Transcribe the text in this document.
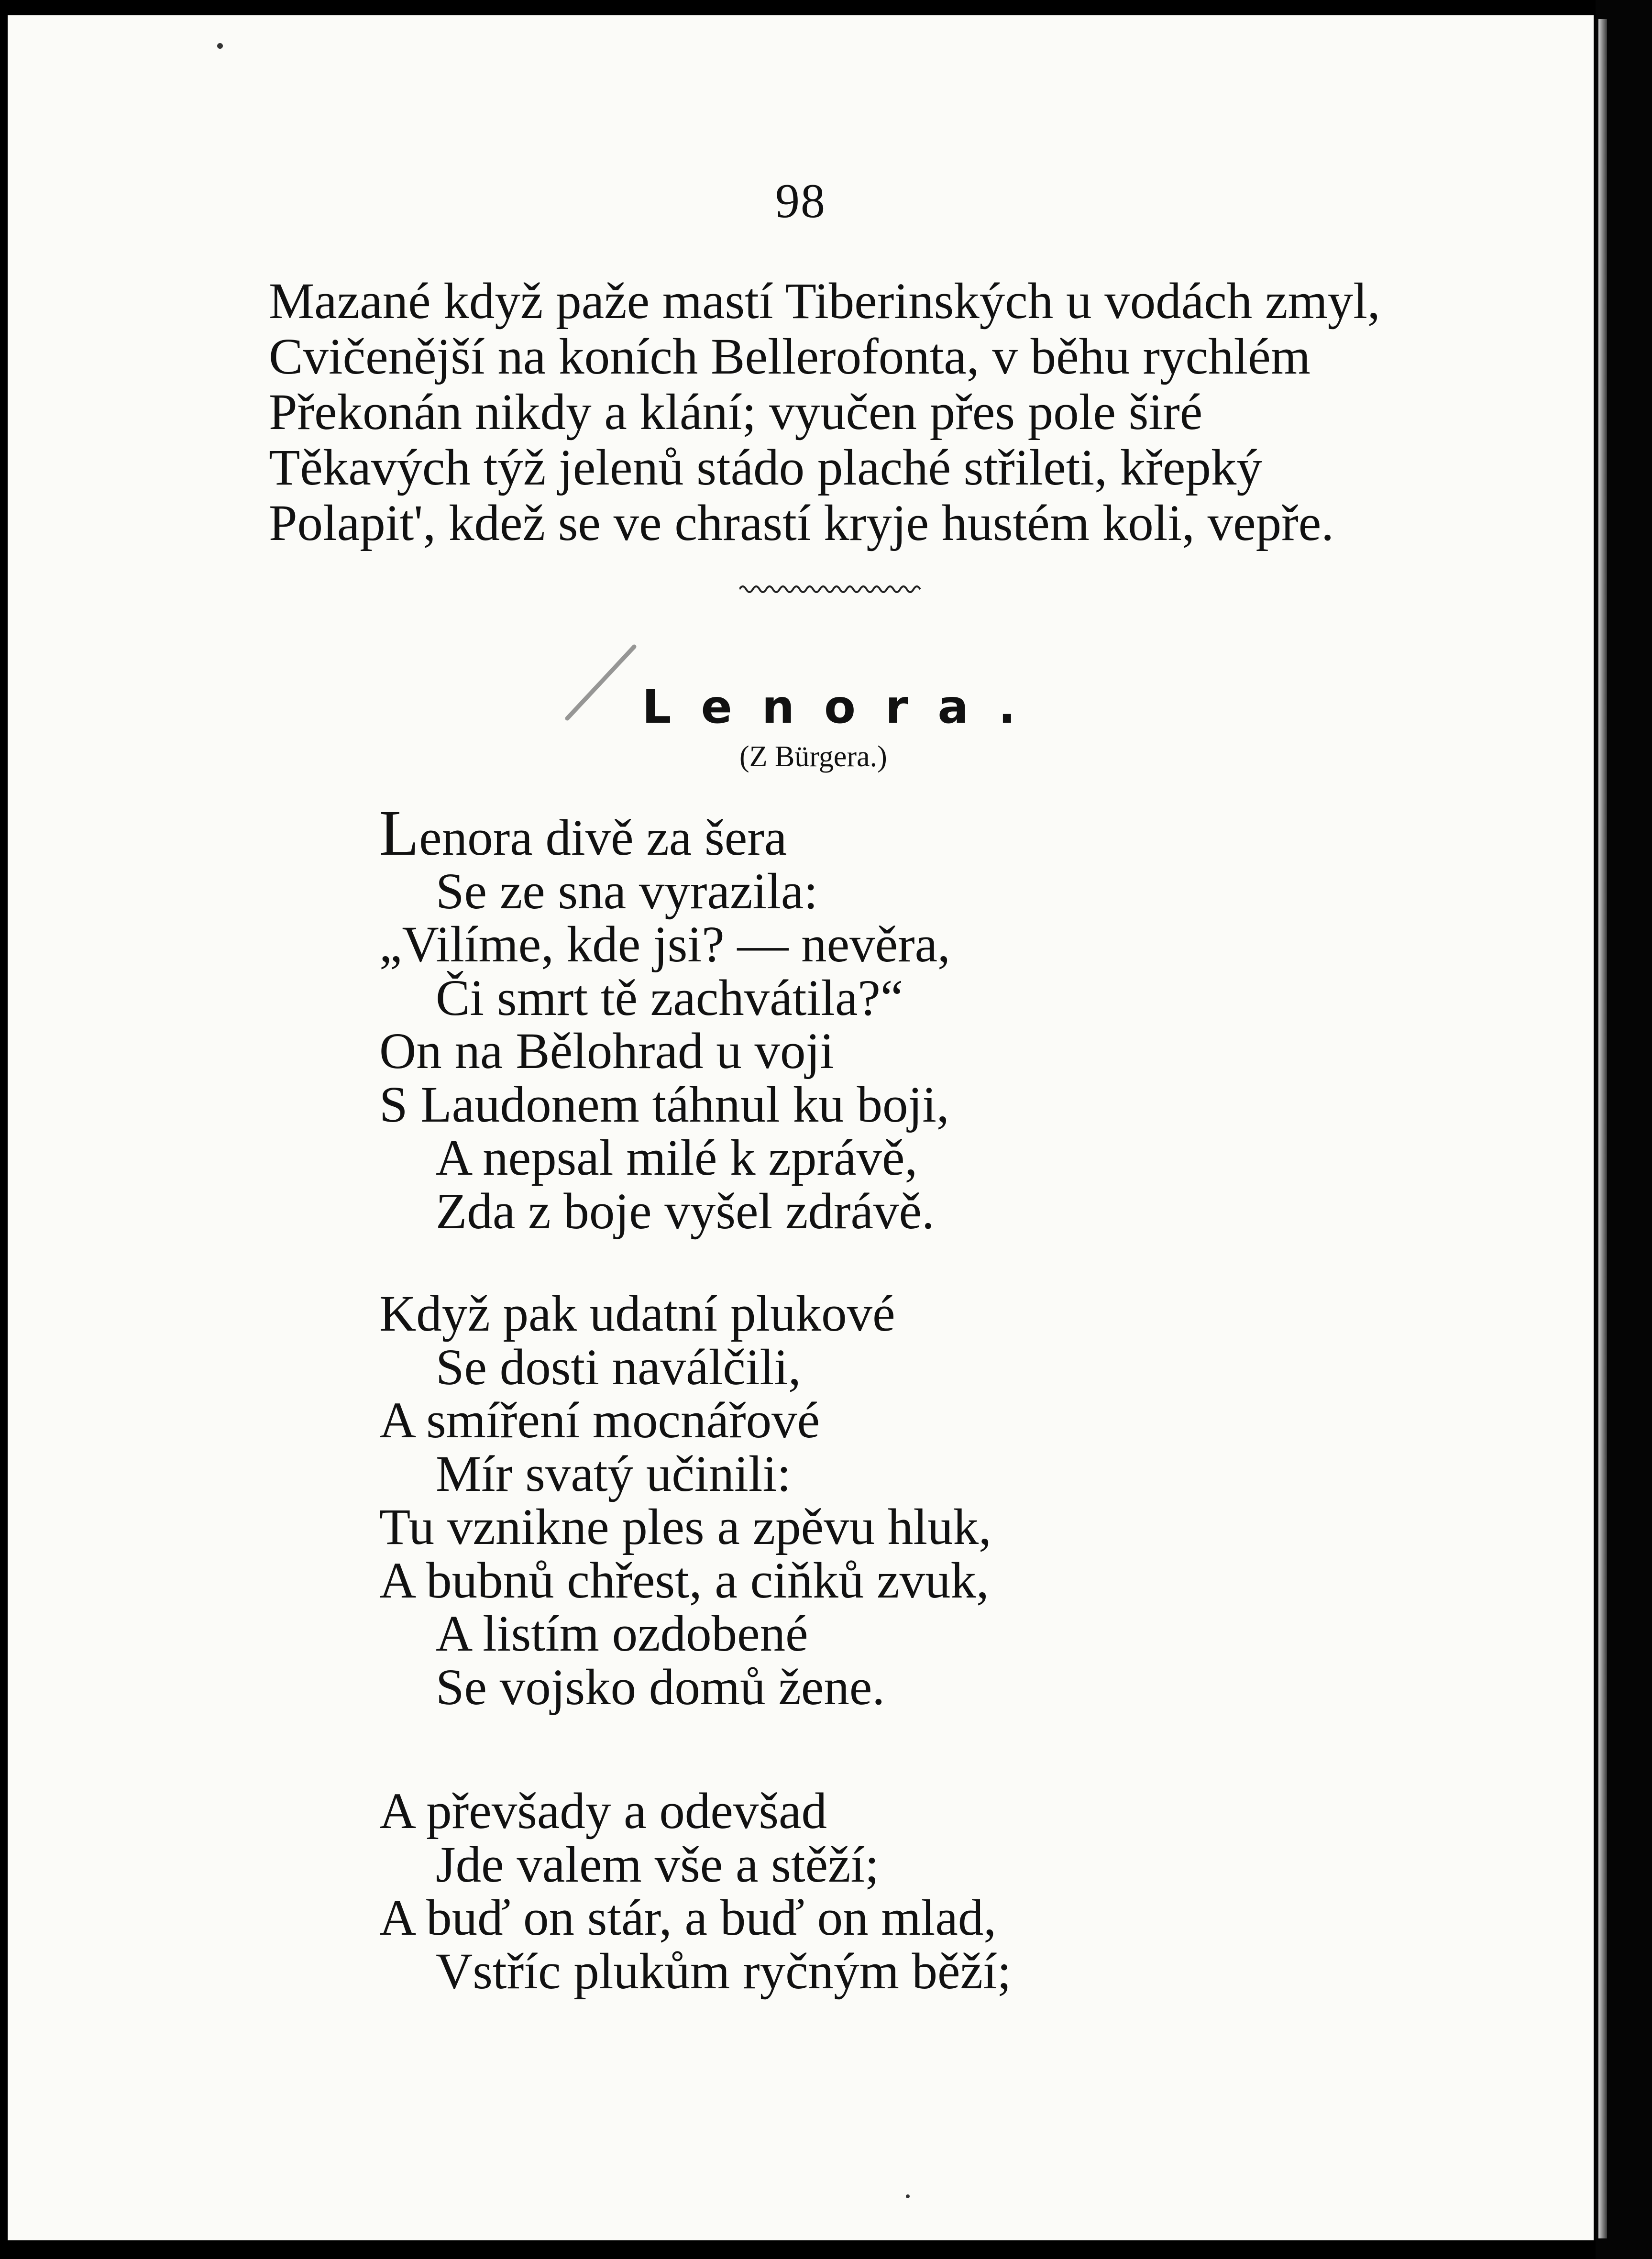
98
Mazané když paže mastí Tiberinských u vodách zmyl,
Cvičenější na koních Bellerofonta, v běhu rychlém
Překonán nikdy a klání; vyučen přes pole širé
Těkavých týž jelenů stádo plaché střileti, křepký
Polapit', kdež se ve chrastí kryje hustém koli, vepře.
Lenora.
(Z Bürgera.)
Lenora divě za šera
Se ze sna vyrazila:
„Vilíme, kde jsi? — nevěra,
Či smrt tě zachvátila?“
On na Bělohrad u voji
S Laudonem táhnul ku boji,
A nepsal milé k zprávě,
Zda z boje vyšel zdrávě.
Když pak udatní plukové
Se dosti naválčili,
A smíření mocnářové
Mír svatý učinili:
Tu vznikne ples a zpěvu hluk,
A bubnů chřest, a ciňků zvuk,
A listím ozdobené
Se vojsko domů žene.
A převšady a odevšad
Jde valem vše a stěží;
A buď on stár, a buď on mlad,
Vstříc plukům ryčným běží;
